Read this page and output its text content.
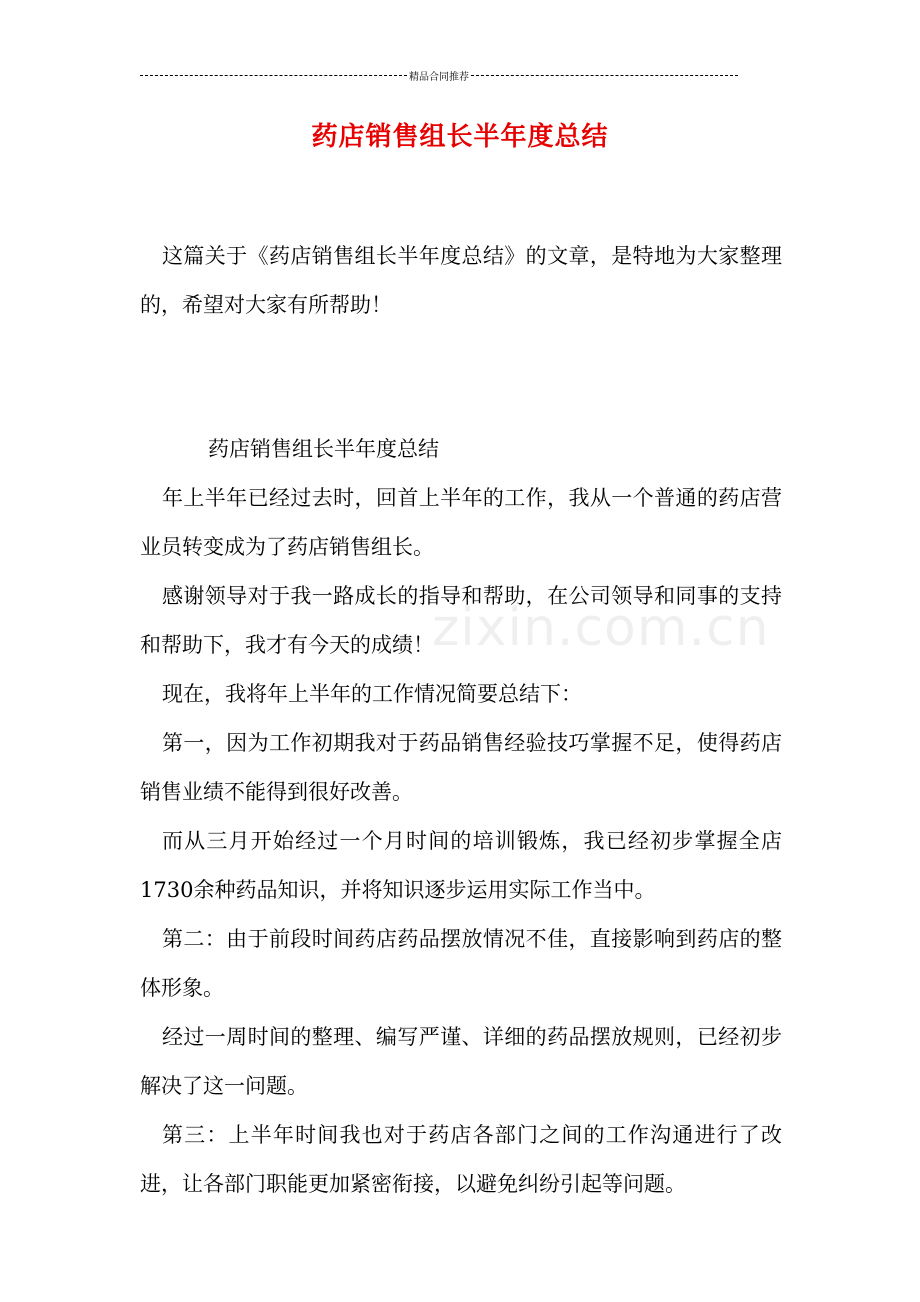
精品合同推荐
药店销售组长半年度总结

这篇关于《药店销售组长半年度总结》的文章，是特地为大家整理的，希望对大家有所帮助！

药店销售组长半年度总结

年上半年已经过去时，回首上半年的工作，我从一个普通的药店营业员转变成为了药店销售组长。

感谢领导对于我一路成长的指导和帮助，在公司领导和同事的支持和帮助下，我才有今天的成绩！

现在，我将年上半年的工作情况简要总结下：

第一，因为工作初期我对于药品销售经验技巧掌握不足，使得药店销售业绩不能得到很好改善。

而从三月开始经过一个月时间的培训锻炼，我已经初步掌握全店1730余种药品知识，并将知识逐步运用实际工作当中。

第二：由于前段时间药店药品摆放情况不佳，直接影响到药店的整体形象。

经过一周时间的整理、编写严谨、详细的药品摆放规则，已经初步解决了这一问题。

第三：上半年时间我也对于药店各部门之间的工作沟通进行了改进，让各部门职能更加紧密衔接，以避免纠纷引起等问题。

zixin.com.cn
